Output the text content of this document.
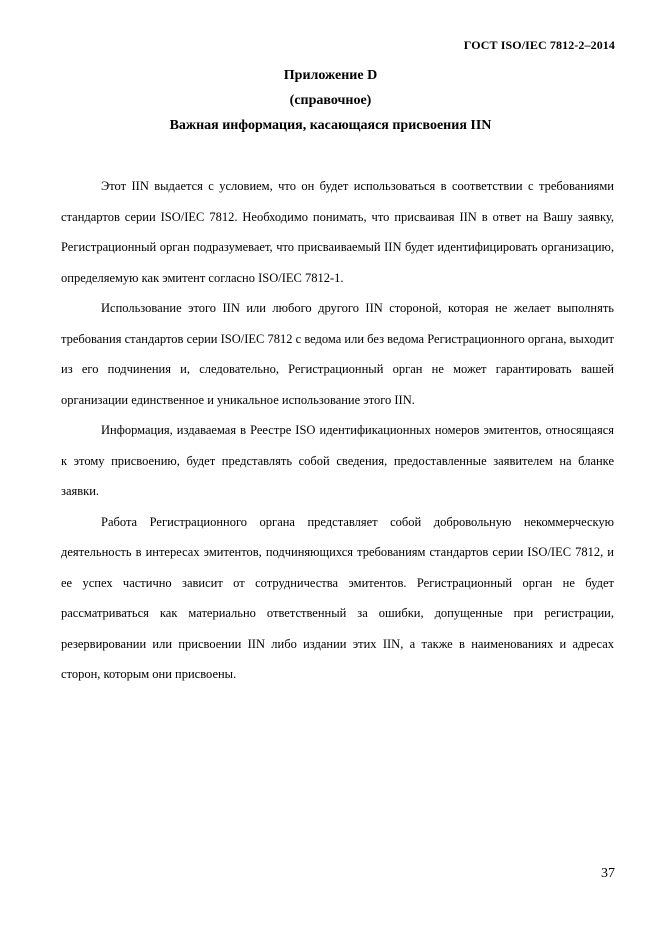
ГОСТ ISO/IEC 7812-2–2014
Приложение D
(справочное)
Важная информация, касающаяся присвоения IIN

Этот IIN выдается с условием, что он будет использоваться в соответствии с требованиями стандартов серии ISO/IEC 7812. Необходимо понимать, что присваивая IIN в ответ на Вашу заявку, Регистрационный орган подразумевает, что присваиваемый IIN будет идентифицировать организацию, определяемую как эмитент согласно ISO/IEC 7812-1.

Использование этого IIN или любого другого IIN стороной, которая не желает выполнять требования стандартов серии ISO/IEC 7812 с ведома или без ведома Регистрационного органа, выходит из его подчинения и, следовательно, Регистрационный орган не может гарантировать вашей организации единственное и уникальное использование этого IIN.

Информация, издаваемая в Реестре ISO идентификационных номеров эмитентов, относящаяся к этому присвоению, будет представлять собой сведения, предоставленные заявителем на бланке заявки.

Работа Регистрационного органа представляет собой добровольную некоммерческую деятельность в интересах эмитентов, подчиняющихся требованиям стандартов серии ISO/IEC 7812, и ее успех частично зависит от сотрудничества эмитентов. Регистрационный орган не будет рассматриваться как материально ответственный за ошибки, допущенные при регистрации, резервировании или присвоении IIN либо издании этих IIN, а также в наименованиях и адресах сторон, которым они присвоены.

37
